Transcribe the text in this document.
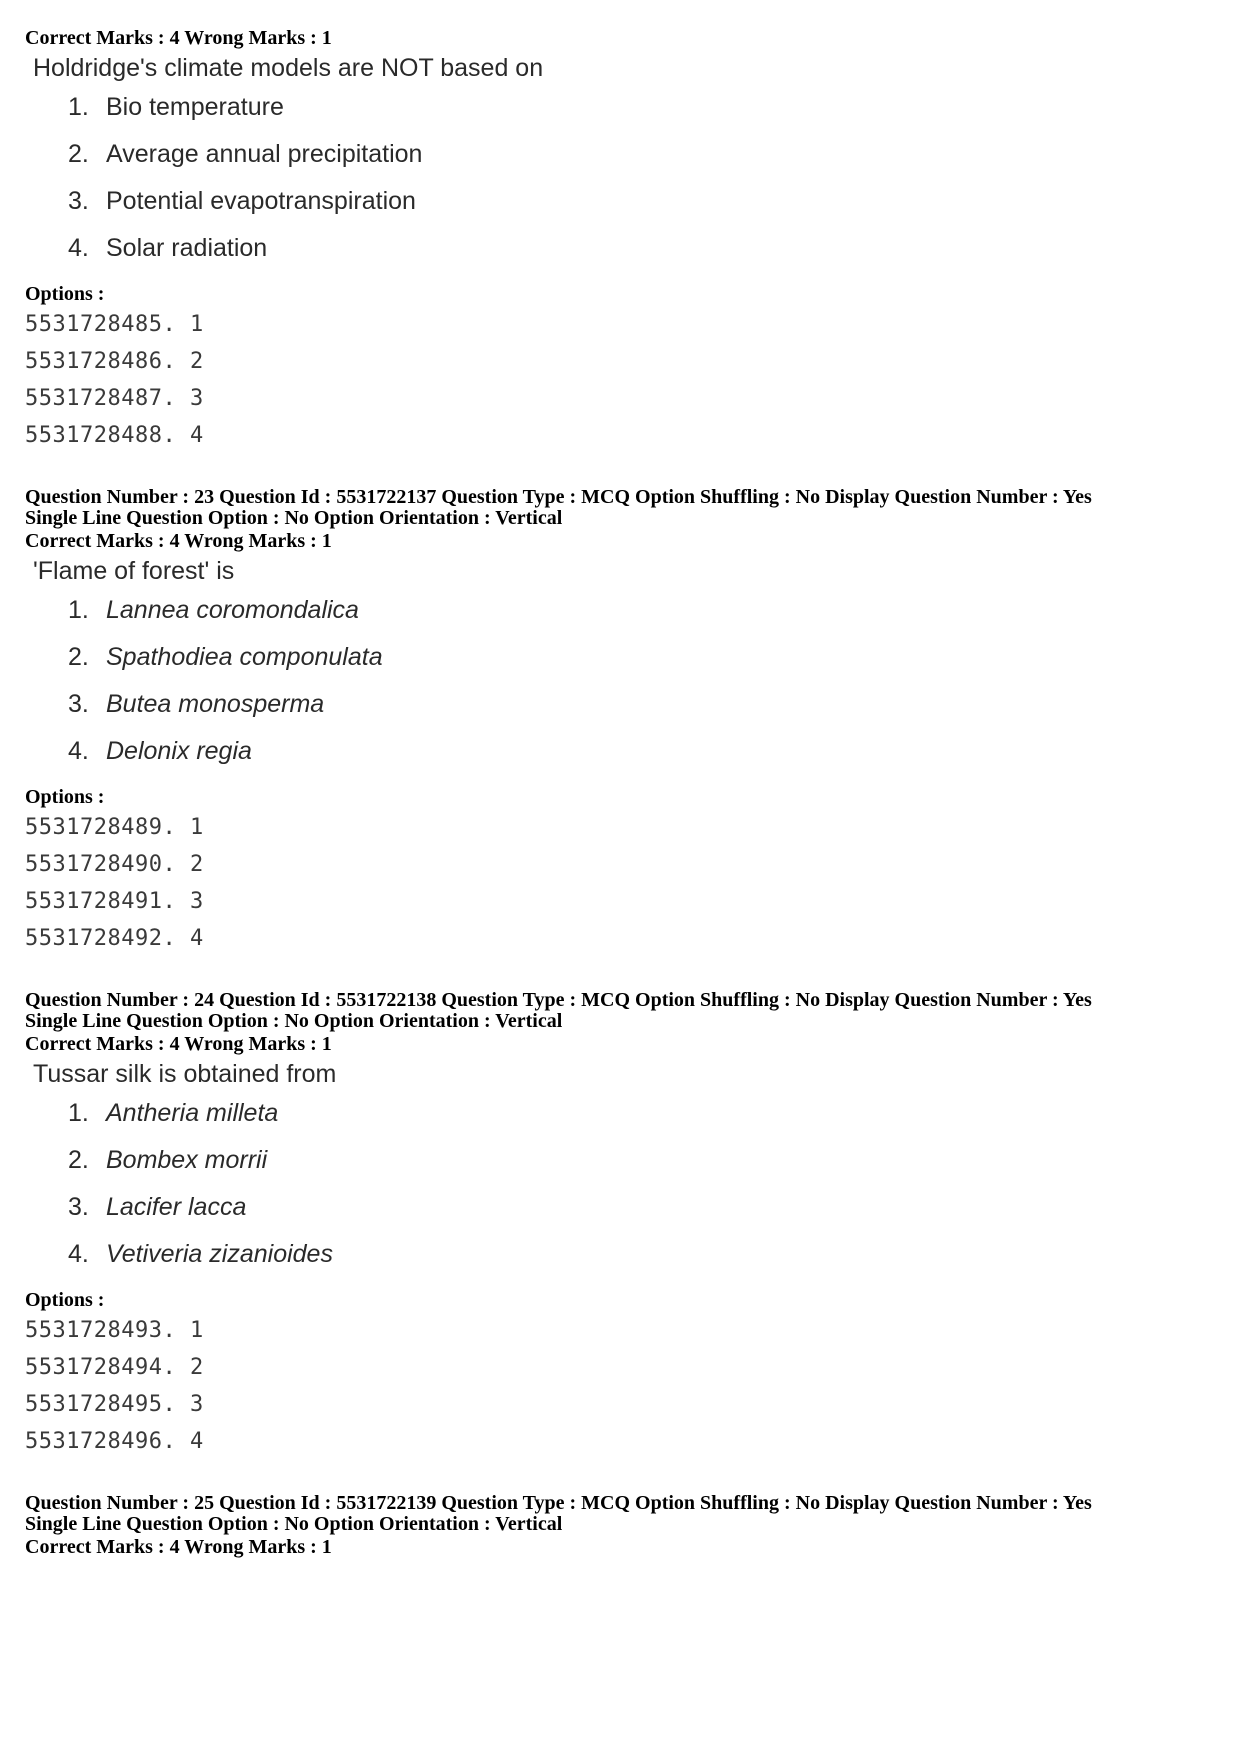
Correct Marks : 4 Wrong Marks : 1
Holdridge's climate models are NOT based on
1. Bio temperature
2. Average annual precipitation
3. Potential evapotranspiration
4. Solar radiation
Options :
5531728485. 1
5531728486. 2
5531728487. 3
5531728488. 4
Question Number : 23 Question Id : 5531722137 Question Type : MCQ Option Shuffling : No Display Question Number : Yes
Single Line Question Option : No Option Orientation : Vertical
Correct Marks : 4 Wrong Marks : 1
'Flame of forest' is
1. Lannea coromondalica
2. Spathodiea componulata
3. Butea monosperma
4. Delonix regia
Options :
5531728489. 1
5531728490. 2
5531728491. 3
5531728492. 4
Question Number : 24 Question Id : 5531722138 Question Type : MCQ Option Shuffling : No Display Question Number : Yes
Single Line Question Option : No Option Orientation : Vertical
Correct Marks : 4 Wrong Marks : 1
Tussar silk is obtained from
1. Antheria milleta
2. Bombex morrii
3. Lacifer lacca
4. Vetiveria zizanioides
Options :
5531728493. 1
5531728494. 2
5531728495. 3
5531728496. 4
Question Number : 25 Question Id : 5531722139 Question Type : MCQ Option Shuffling : No Display Question Number : Yes
Single Line Question Option : No Option Orientation : Vertical
Correct Marks : 4 Wrong Marks : 1
